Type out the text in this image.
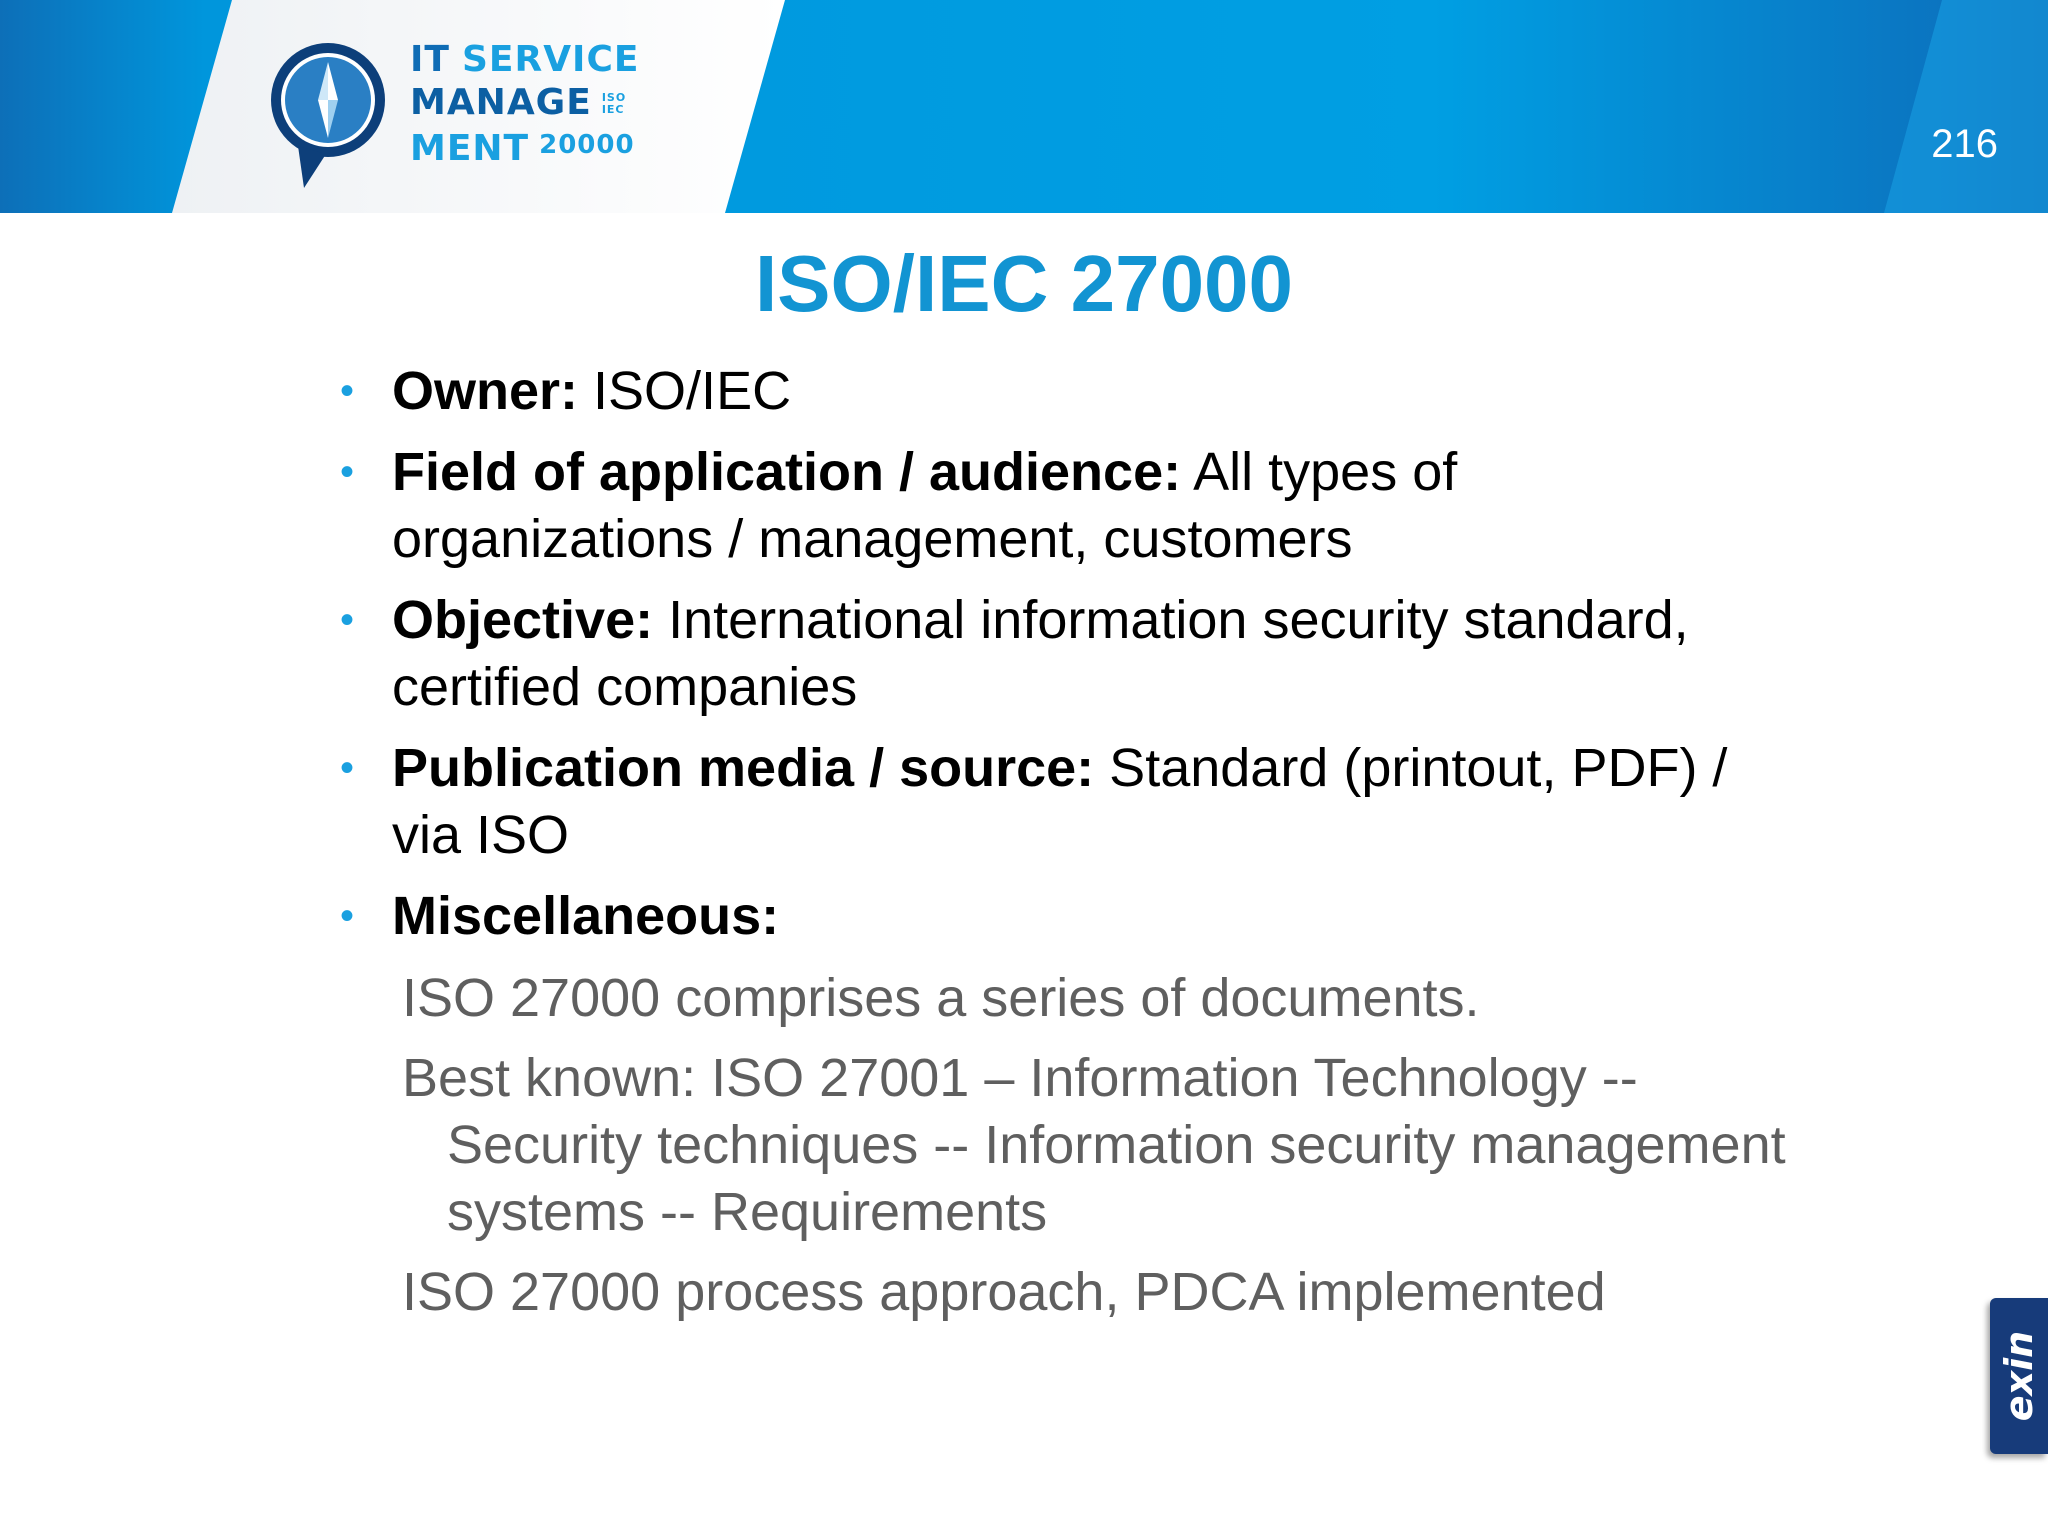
IT SERVICE
MANAGE ISO
IEC
MENT 20000	216
ISO/IEC 27000
• Owner: ISO/IEC
• Field of application / audience: All types of organizations / management, customers
• Objective: International information security standard, certified companies
• Publication media / source: Standard (printout, PDF) / via ISO
• Miscellaneous:
ISO 27000 comprises a series of documents.
Best known: ISO 27001 – Information Technology -- Security techniques -- Information security management systems -- Requirements
ISO 27000 process approach, PDCA implemented
exin
